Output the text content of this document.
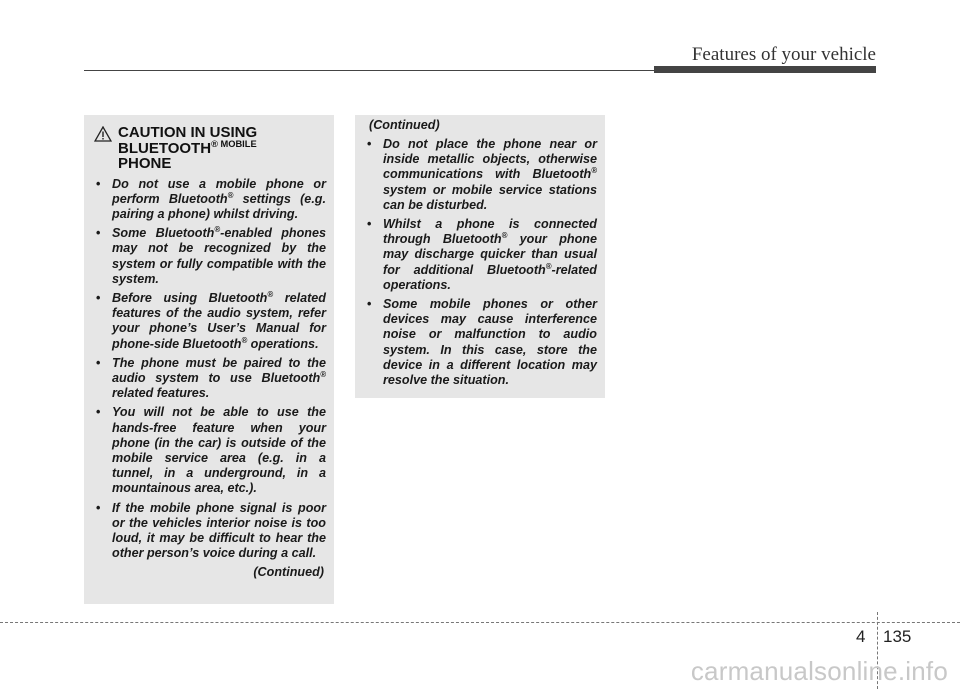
Features of your vehicle
CAUTION IN USING
$BLUETOOTH^{® MOBILE}$
PHONE
• Do not use a mobile phone or perform Bluetooth® settings (e.g. pairing a phone) whilst driving.
• Some Bluetooth®-enabled phones may not be recognized by the system or fully compatible with the system.
• Before using Bluetooth® related features of the audio system, refer your phone’s User’s Manual for phone-side Bluetooth® operations.
• The phone must be paired to the audio system to use Bluetooth® related features.
• You will not be able to use the hands-free feature when your phone (in the car) is outside of the mobile service area (e.g. in a tunnel, in a underground, in a mountainous area, etc.).
• If the mobile phone signal is poor or the vehicles interior noise is too loud, it may be difficult to hear the other person’s voice during a call.
(Continued)
(Continued)
• Do not place the phone near or inside metallic objects, otherwise communications with Bluetooth® system or mobile service stations can be disturbed.
• Whilst a phone is connected through Bluetooth® your phone may discharge quicker than usual for additional Bluetooth®-related operations.
• Some mobile phones or other devices may cause interference noise or malfunction to audio system. In this case, store the device in a different location may resolve the situation.
4 135
carmanualsonline.info
